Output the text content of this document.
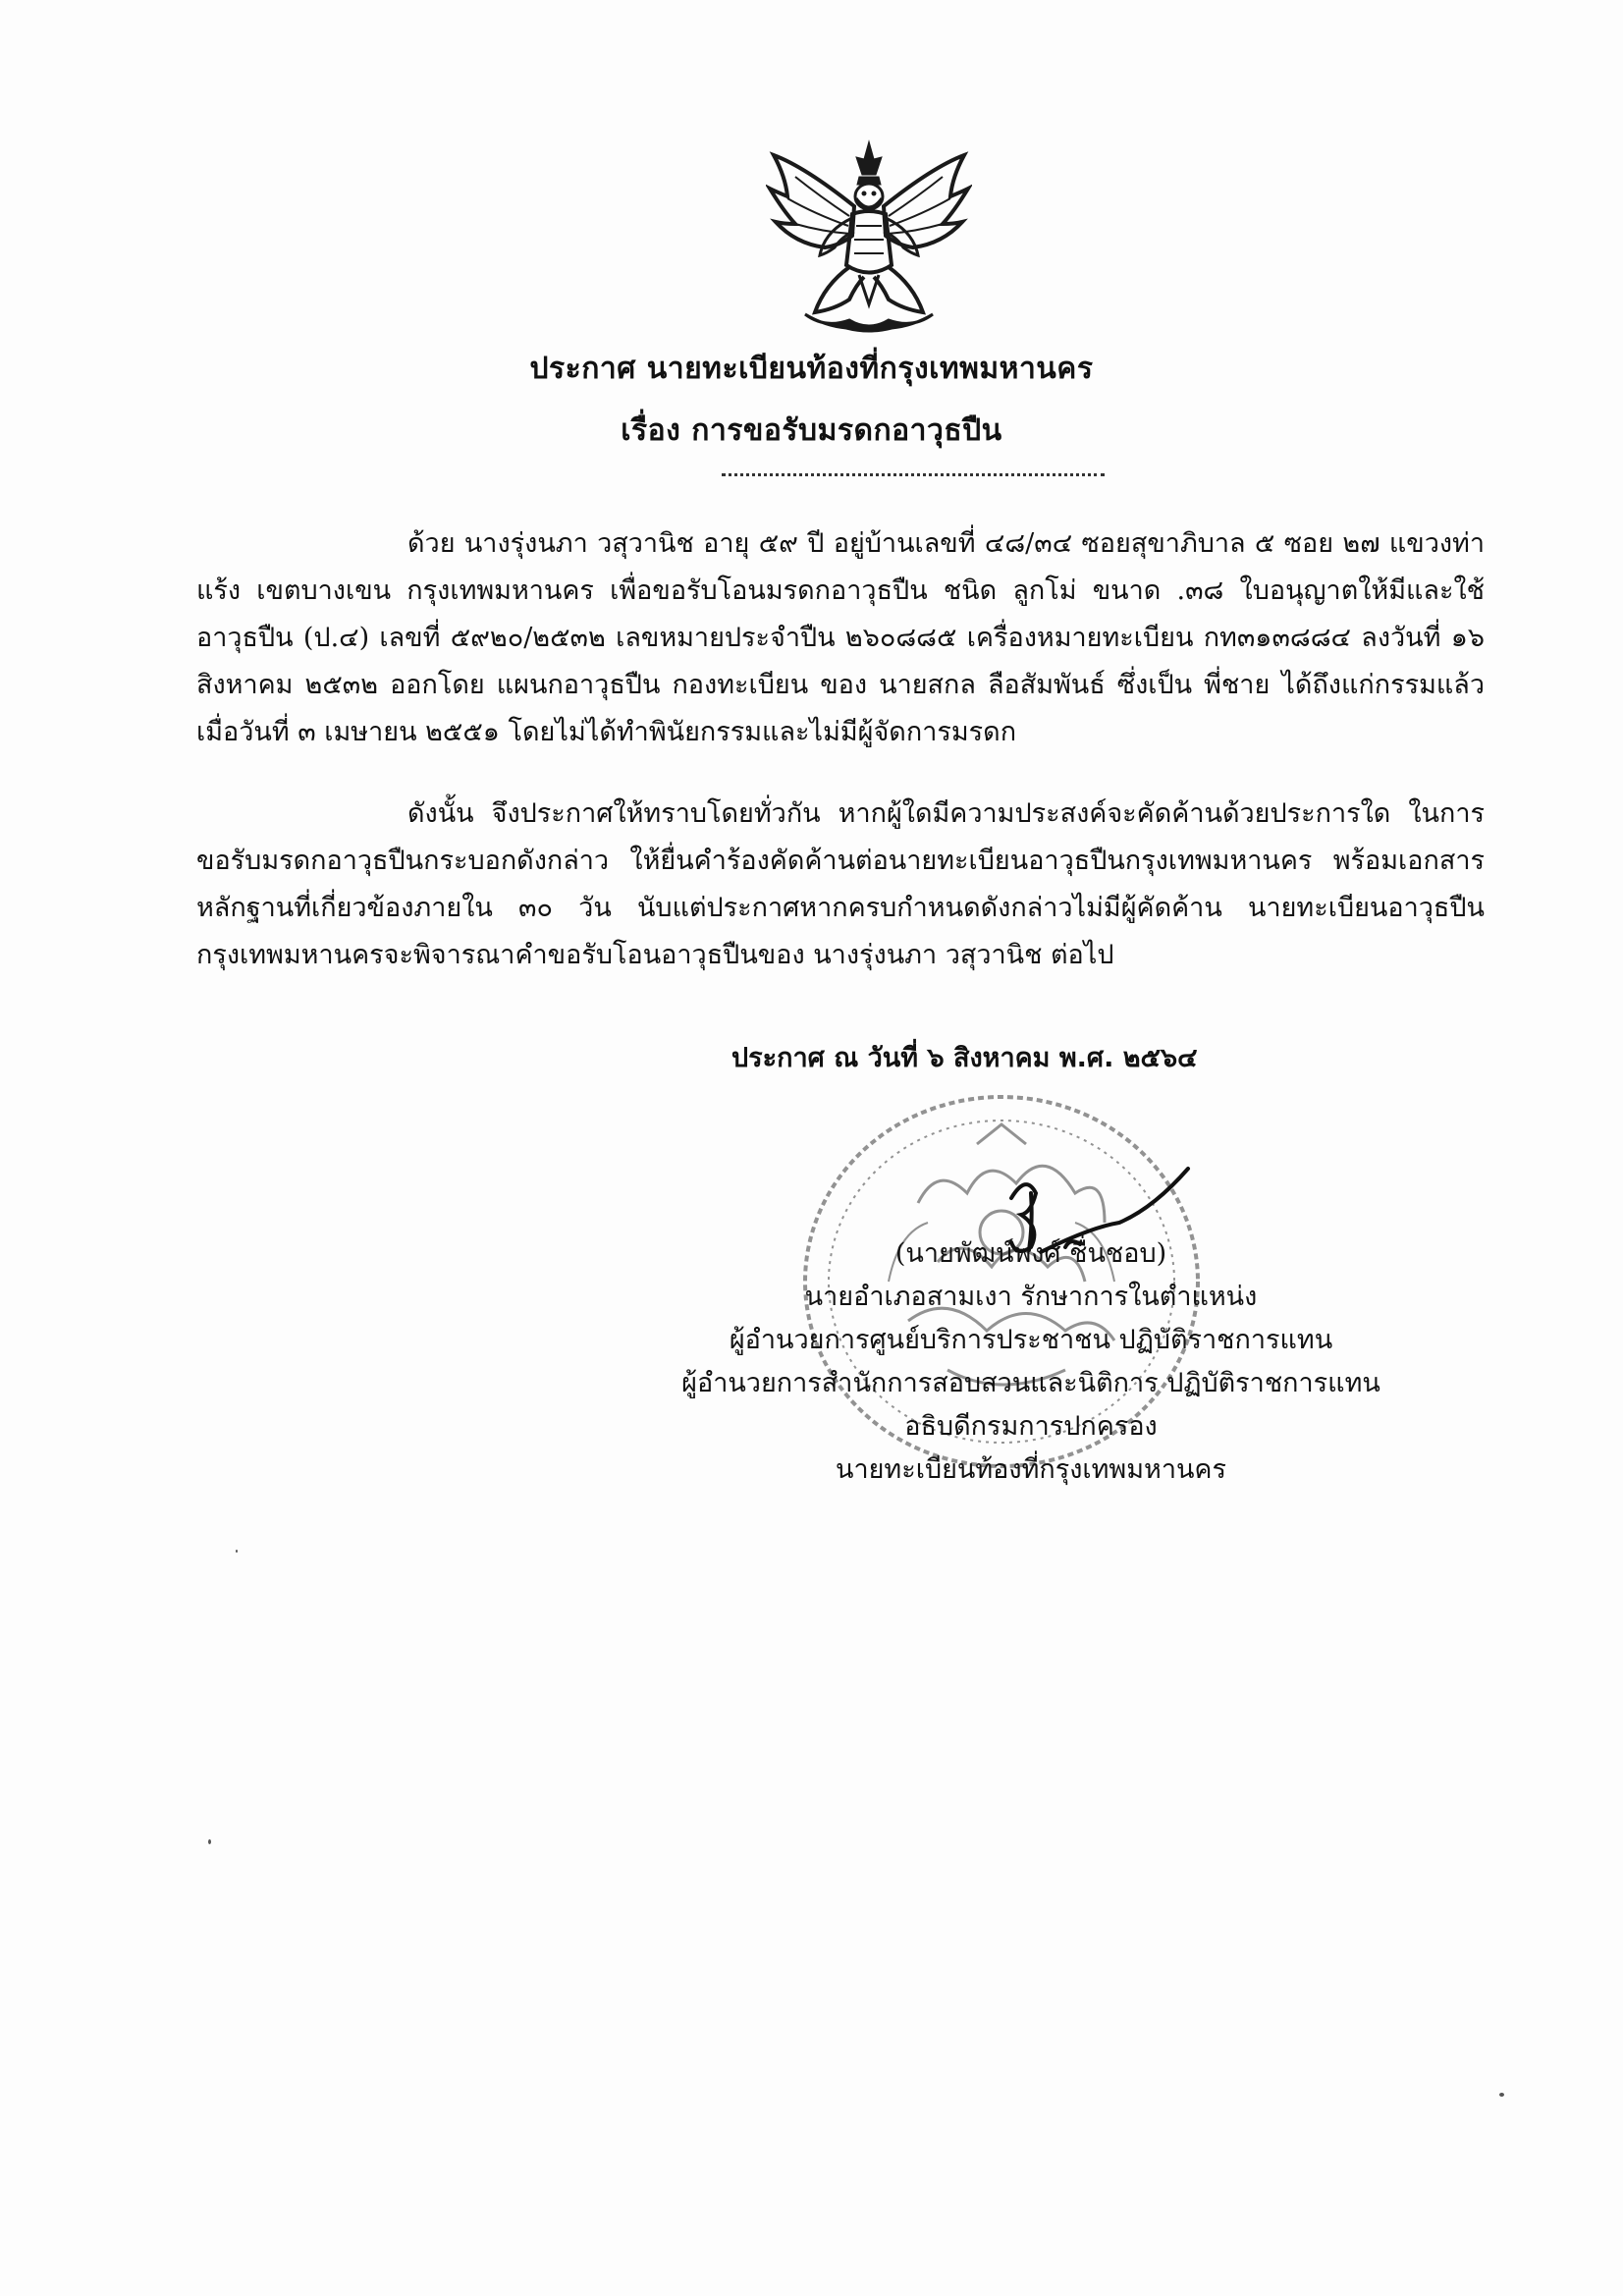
ประกาศ นายทะเบียนท้องที่กรุงเทพมหานคร
เรื่อง การขอรับมรดกอาวุธปืน

ด้วย นางรุ่งนภา วสุวานิช อายุ ๕๙ ปี อยู่บ้านเลขที่ ๔๘/๓๔ ซอยสุขาภิบาล ๕ ซอย ๒๗ แขวงท่าแร้ง เขตบางเขน กรุงเทพมหานคร เพื่อขอรับโอนมรดกอาวุธปืน ชนิด ลูกโม่ ขนาด .๓๘ ใบอนุญาตให้มีและใช้อาวุธปืน (ป.๔) เลขที่ ๕๙๒๐/๒๕๓๒ เลขหมายประจำปืน ๒๖๐๘๘๕ เครื่องหมายทะเบียน กท๓๑๓๘๘๔ ลงวันที่ ๑๖ สิงหาคม ๒๕๓๒ ออกโดย แผนกอาวุธปืน กองทะเบียน ของ นายสกล ลือสัมพันธ์ ซึ่งเป็น พี่ชาย ได้ถึงแก่กรรมแล้ว เมื่อวันที่ ๓ เมษายน ๒๕๕๑ โดยไม่ได้ทำพินัยกรรมและไม่มีผู้จัดการมรดก

ดังนั้น จึงประกาศให้ทราบโดยทั่วกัน หากผู้ใดมีความประสงค์จะคัดค้านด้วยประการใด ในการขอรับมรดกอาวุธปืนกระบอกดังกล่าว ให้ยื่นคำร้องคัดค้านต่อนายทะเบียนอาวุธปืนกรุงเทพมหานคร พร้อมเอกสารหลักฐานที่เกี่ยวข้องภายใน ๓๐ วัน นับแต่ประกาศหากครบกำหนดดังกล่าวไม่มีผู้คัดค้าน นายทะเบียนอาวุธปืนกรุงเทพมหานครจะพิจารณาคำขอรับโอนอาวุธปืนของ นางรุ่งนภา วสุวานิช ต่อไป

ประกาศ ณ วันที่ ๖ สิงหาคม พ.ศ. ๒๕๖๔
(นายพัฒน์พงศ์ ชื่นชอบ)
นายอำเภอสามเงา รักษาการในตำแหน่ง
ผู้อำนวยการศูนย์บริการประชาชน ปฏิบัติราชการแทน
ผู้อำนวยการสำนักการสอบสวนและนิติการ ปฏิบัติราชการแทน
อธิบดีกรมการปกครอง
นายทะเบียนท้องที่กรุงเทพมหานคร
